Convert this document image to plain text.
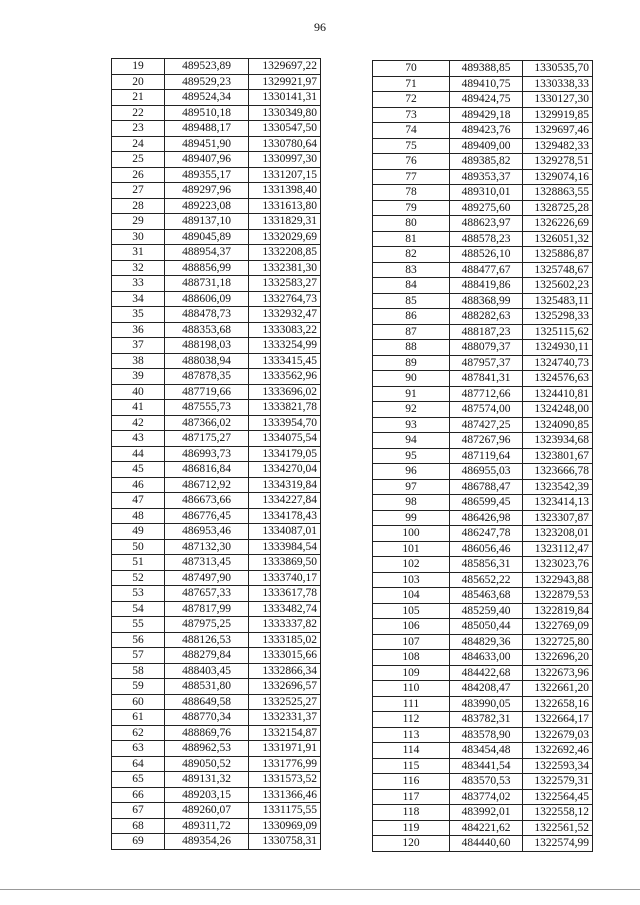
96
19	489523,89	1329697,22
20	489529,23	1329921,97
21	489524,34	1330141,31
22	489510,18	1330349,80
23	489488,17	1330547,50
24	489451,90	1330780,64
25	489407,96	1330997,30
26	489355,17	1331207,15
27	489297,96	1331398,40
28	489223,08	1331613,80
29	489137,10	1331829,31
30	489045,89	1332029,69
31	488954,37	1332208,85
32	488856,99	1332381,30
33	488731,18	1332583,27
34	488606,09	1332764,73
35	488478,73	1332932,47
36	488353,68	1333083,22
37	488198,03	1333254,99
38	488038,94	1333415,45
39	487878,35	1333562,96
40	487719,66	1333696,02
41	487555,73	1333821,78
42	487366,02	1333954,70
43	487175,27	1334075,54
44	486993,73	1334179,05
45	486816,84	1334270,04
46	486712,92	1334319,84
47	486673,66	1334227,84
48	486776,45	1334178,43
49	486953,46	1334087,01
50	487132,30	1333984,54
51	487313,45	1333869,50
52	487497,90	1333740,17
53	487657,33	1333617,78
54	487817,99	1333482,74
55	487975,25	1333337,82
56	488126,53	1333185,02
57	488279,84	1333015,66
58	488403,45	1332866,34
59	488531,80	1332696,57
60	488649,58	1332525,27
61	488770,34	1332331,37
62	488869,76	1332154,87
63	488962,53	1331971,91
64	489050,52	1331776,99
65	489131,32	1331573,52
66	489203,15	1331366,46
67	489260,07	1331175,55
68	489311,72	1330969,09
69	489354,26	1330758,31
70	489388,85	1330535,70
71	489410,75	1330338,33
72	489424,75	1330127,30
73	489429,18	1329919,85
74	489423,76	1329697,46
75	489409,00	1329482,33
76	489385,82	1329278,51
77	489353,37	1329074,16
78	489310,01	1328863,55
79	489275,60	1328725,28
80	488623,97	1326226,69
81	488578,23	1326051,32
82	488526,10	1325886,87
83	488477,67	1325748,67
84	488419,86	1325602,23
85	488368,99	1325483,11
86	488282,63	1325298,33
87	488187,23	1325115,62
88	488079,37	1324930,11
89	487957,37	1324740,73
90	487841,31	1324576,63
91	487712,66	1324410,81
92	487574,00	1324248,00
93	487427,25	1324090,85
94	487267,96	1323934,68
95	487119,64	1323801,67
96	486955,03	1323666,78
97	486788,47	1323542,39
98	486599,45	1323414,13
99	486426,98	1323307,87
100	486247,78	1323208,01
101	486056,46	1323112,47
102	485856,31	1323023,76
103	485652,22	1322943,88
104	485463,68	1322879,53
105	485259,40	1322819,84
106	485050,44	1322769,09
107	484829,36	1322725,80
108	484633,00	1322696,20
109	484422,68	1322673,96
110	484208,47	1322661,20
111	483990,05	1322658,16
112	483782,31	1322664,17
113	483578,90	1322679,03
114	483454,48	1322692,46
115	483441,54	1322593,34
116	483570,53	1322579,31
117	483774,02	1322564,45
118	483992,01	1322558,12
119	484221,62	1322561,52
120	484440,60	1322574,99
